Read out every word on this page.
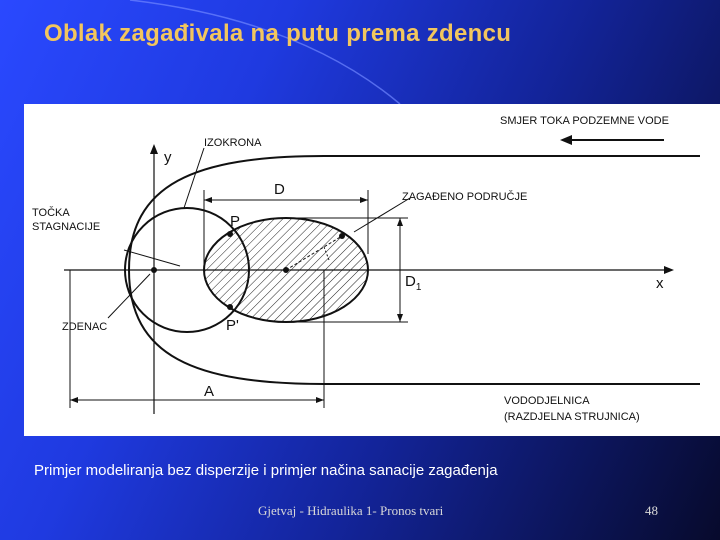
Oblak zagađivala na putu prema zdencu
D
$D_1$
A
P
P'
SMJER TOKA PODZEMNE VODE
IZOKRONA
ZAGAĐENO PODRUČJE
TOČKA
STAGNACIJE
ZDENAC
VODODJELNICA
(RAZDJELNA STRUJNICA)
y
x
Primjer modeliranja bez disperzije i primjer načina sanacije zagađenja
Gjetvaj - Hidraulika 1- Pronos tvari	48
